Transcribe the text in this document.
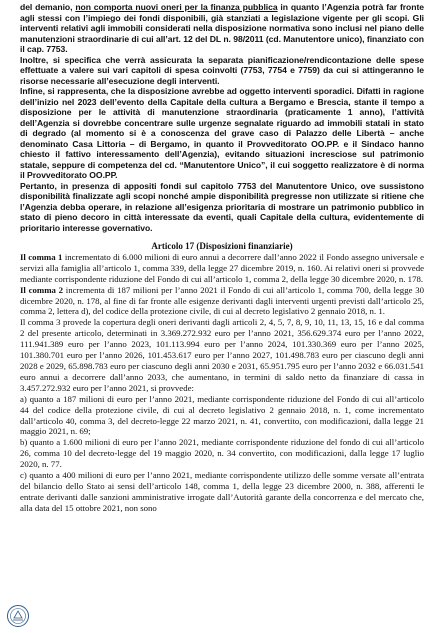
del demanio, non comporta nuovi oneri per la finanza pubblica in quanto l’Agenzia potrà far fronte agli stessi con l’impiego dei fondi disponibili, già stanziati a legislazione vigente per gli scopi. Gli interventi relativi agli immobili considerati nella disposizione normativa sono inclusi nel piano delle manutenzioni straordinarie di cui all’art. 12 del DL n. 98/2011 (cd. Manutentore unico), finanziato con il cap. 7753.

Inoltre, si specifica che verrà assicurata la separata pianificazione/rendicontazione delle spese effettuate a valere sui vari capitoli di spesa coinvolti (7753, 7754 e 7759) da cui si attingeranno le risorse necessarie all’esecuzione degli interventi.

Infine, si rappresenta, che la disposizione avrebbe ad oggetto interventi sporadici. Difatti in ragione dell’inizio nel 2023 dell’evento della Capitale della cultura a Bergamo e Brescia, stante il tempo a disposizione per le attività di manutenzione straordinaria (praticamente 1 anno), l’attività dell’Agenzia si dovrebbe concentrare sulle urgenze segnalate riguardo ad immobili statali in stato di degrado (al momento si è a conoscenza del grave caso di Palazzo delle Libertà – anche denominato Casa Littoria – di Bergamo, in quanto il Provveditorato OO.PP. e il Sindaco hanno chiesto il fattivo interessamento dell’Agenzia), evitando situazioni incresciose sul patrimonio statale, seppure di competenza del cd. “Manutentore Unico”, il cui soggetto realizzatore è di norma il Provveditorato OO.PP.

Pertanto, in presenza di appositi fondi sul capitolo 7753 del Manutentore Unico, ove sussistono disponibilità finalizzate agli scopi nonché ampie disponibilità pregresse non utilizzate si ritiene che l’Agenzia debba operare, in relazione all’esigenza prioritaria di mostrare un patrimonio pubblico in stato di pieno decoro in città interessate da eventi, quali Capitale della cultura, evidentemente di prioritario interesse governativo.

Articolo 17 (Disposizioni finanziarie)

Il comma 1 incrementato di 6.000 milioni di euro annui a decorrere dall’anno 2022 il Fondo assegno universale e servizi alla famiglia all’articolo 1, comma 339, della legge 27 dicembre 2019, n. 160. Ai relativi oneri si provvede mediante corrispondente riduzione del Fondo di cui all’articolo 1, comma 2, della legge 30 dicembre 2020, n. 178.

Il comma 2 incrementa di 187 milioni per l’anno 2021 il Fondo di cui all’articolo 1, comma 700, della legge 30 dicembre 2020, n. 178, al fine di far fronte alle esigenze derivanti dagli interventi urgenti previsti dall’articolo 25, comma 2, lettera d), del codice della protezione civile, di cui al decreto legislativo 2 gennaio 2018, n. 1.

Il comma 3 provede la copertura degli oneri derivanti dagli articoli 2, 4, 5, 7, 8, 9, 10, 11, 13, 15, 16 e dal comma 2 del presente articolo, determinati in 3.369.272.932 euro per l’anno 2021, 356.629.374 euro per l’anno 2022, 111.941.389 euro per l’anno 2023, 101.113.994 euro per l’anno 2024, 101.330.369 euro per l’anno 2025, 101.380.701 euro per l’anno 2026, 101.453.617 euro per l’anno 2027, 101.498.783 euro per ciascuno degli anni 2028 e 2029, 65.898.783 euro per ciascuno degli anni 2030 e 2031, 65.951.795 euro per l’anno 2032 e 66.031.541 euro annui a decorrere dall’anno 2033, che aumentano, in termini di saldo netto da finanziare di cassa in 3.457.272.932 euro per l’anno 2021, si provvede:

a) quanto a 187 milioni di euro per l’anno 2021, mediante corrispondente riduzione del Fondo di cui all’articolo 44 del codice della protezione civile, di cui al decreto legislativo 2 gennaio 2018, n. 1, come incrementato dall’articolo 40, comma 3, del decreto-legge 22 marzo 2021, n. 41, convertito, con modificazioni, dalla legge 21 maggio 2021, n. 69;

b) quanto a 1.600 milioni di euro per l’anno 2021, mediante corrispondente riduzione del fondo di cui all’articolo 26, comma 10 del decreto-legge del 19 maggio 2020, n. 34 convertito, con modificazioni, dalla legge 17 luglio 2020, n. 77.

c) quanto a 400 milioni di euro per l’anno 2021, mediante corrispondente utilizzo delle somme versate all’entrata del bilancio dello Stato ai sensi dell’articolo 148, comma 1, della legge 23 dicembre 2000, n. 388, afferenti le entrate derivanti dalle sanzioni amministrative irrogate dall’Autorità garante della concorrenza e del mercato che, alla data del 15 ottobre 2021, non sono
